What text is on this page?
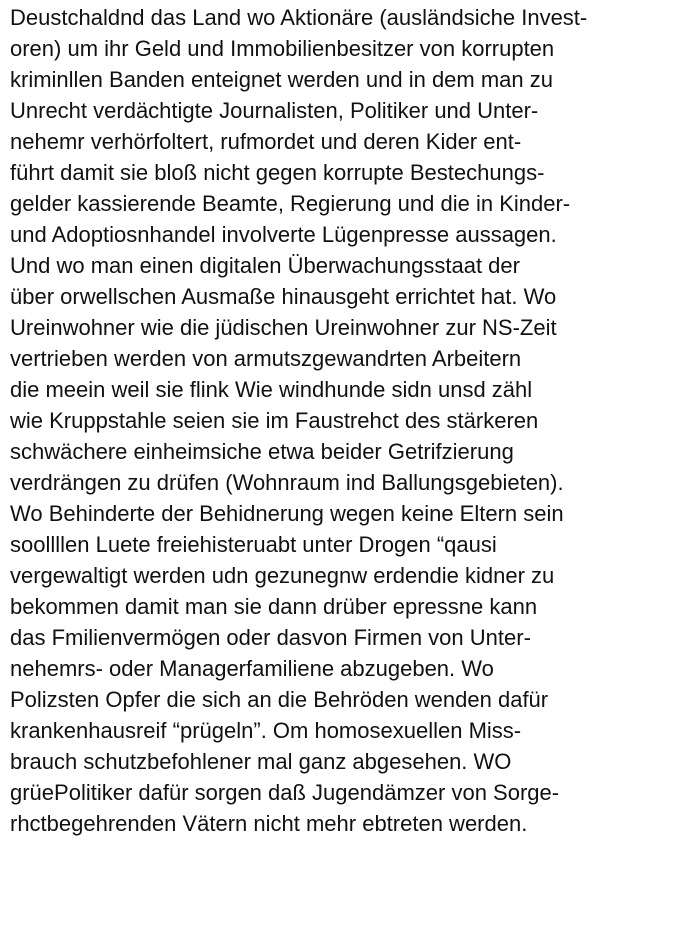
Deustchaldnd das Land wo Aktionäre (ausländsiche Invest-
oren) um ihr Geld und Immobilienbesitzer von korrupten
kriminllen Banden enteignet werden und in dem man zu
Unrecht verdächtigte Journalisten, Politiker und Unter-
nehemr verhörfoltert, rufmordet und deren Kider ent-
führt damit sie bloß nicht gegen korrupte Bestechungs-
gelder kassierende Beamte, Regierung und die in Kinder-
und Adoptiosnhandel involverte Lügenpresse aussagen.
Und wo man einen digitalen Überwachungsstaat der
über orwellschen Ausmaße hinausgeht errichtet hat. Wo
Ureinwohner wie die jüdischen Ureinwohner zur NS-Zeit
vertrieben werden von armutszgewandrten Arbeitern
die meein weil sie flink Wie windhunde sidn unsd zähl
wie Kruppstahle seien sie im Faustrehct des stärkeren
schwächere einheimsiche etwa beider Getrifzierung
verdrängen zu drüfen (Wohnraum ind Ballungsgebieten).
Wo Behinderte der Behidnerung wegen keine Eltern sein
soollllen Luete freiehisteruabt unter Drogen “qausi
vergewaltigt werden udn gezunegnw erdendie kidner zu
bekommen damit man sie dann drüber epressne kann
das Fmilienvermögen oder dasvon Firmen von Unter-
nehemrs- oder Managerfamiliene abzugeben. Wo
Polizsten Opfer die sich an die Behröden wenden dafür
krankenhausreif “prügeln”. Om homosexuellen Miss-
brauch schutzbefohlener mal ganz abgesehen. WO
grüePolitiker dafür sorgen daß Jugendämzer von Sorge-
rhctbegehrenden Vätern nicht mehr ebtreten werden.
